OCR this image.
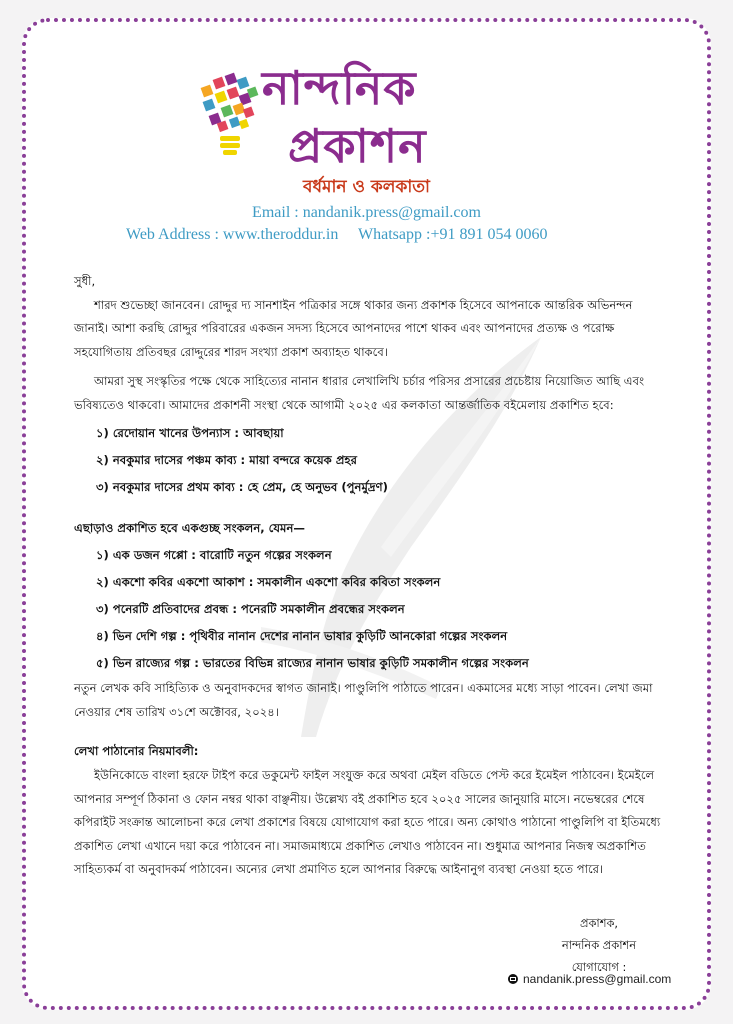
নান্দনিক
প্রকাশন
বর্ধমান ও কলকাতা
Email : nandanik.press@gmail.com
Web Address : www.theroddur.in     Whatsapp :+91 891 054 0060

সুধী,

শারদ শুভেচ্ছা জানবেন। রোদ্দুর দ্য সানশাইন পত্রিকার সঙ্গে থাকার জন্য প্রকাশক হিসেবে আপনাকে আন্তরিক অভিনন্দন জানাই। আশা করছি রোদ্দুর পরিবারের একজন সদস্য হিসেবে আপনাদের পাশে থাকব এবং আপনাদের প্রত্যক্ষ ও পরোক্ষ সহযোগিতায় প্রতিবছর রোদ্দুরের শারদ সংখ্যা প্রকাশ অব্যাহত থাকবে।

আমরা সুস্থ সংস্কৃতির পক্ষে থেকে সাহিত্যের নানান ধারার লেখালিখি চর্চার পরিসর প্রসারের প্রচেষ্টায় নিয়োজিত আছি এবং ভবিষ্যতেও থাকবো। আমাদের প্রকাশনী সংস্থা থেকে আগামী ২০২৫ এর কলকাতা আন্তর্জাতিক বইমেলায় প্রকাশিত হবে:

১) রেদোয়ান খানের উপন্যাস : আবছায়া
২) নবকুমার দাসের পঞ্চম কাব্য : মায়া বন্দরে কয়েক প্রহর
৩) নবকুমার দাসের প্রথম কাব্য : হে প্রেম, হে অনুভব (পুনর্মুদ্রণ)

এছাড়াও প্রকাশিত হবে একগুচ্ছ সংকলন, যেমন—

১) এক ডজন গপ্পো : বারোটি নতুন গল্পের সংকলন
২) একশো কবির একশো আকাশ : সমকালীন একশো কবির কবিতা সংকলন
৩) পনেরটি প্রতিবাদের প্রবন্ধ : পনেরটি সমকালীন প্রবন্ধের সংকলন
৪) ভিন দেশি গল্প : পৃথিবীর নানান দেশের নানান ভাষার কুড়িটি আনকোরা গল্পের সংকলন
৫) ভিন রাজ্যের গল্প : ভারতের বিভিন্ন রাজ্যের নানান ভাষার কুড়িটি সমকালীন গল্পের সংকলন

নতুন লেখক কবি সাহিত্যিক ও অনুবাদকদের স্বাগত জানাই। পাণ্ডুলিপি পাঠাতে পারেন। একমাসের মধ্যে সাড়া পাবেন। লেখা জমা নেওয়ার শেষ তারিখ ৩১শে অক্টোবর, ২০২৪।

লেখা পাঠানোর নিয়মাবলী:

ইউনিকোডে বাংলা হরফে টাইপ করে ডকুমেন্ট ফাইল সংযুক্ত করে অথবা মেইল বডিতে পেস্ট করে ইমেইল পাঠাবেন। ইমেইলে আপনার সম্পূর্ণ ঠিকানা ও ফোন নম্বর থাকা বাঞ্ছনীয়। উল্লেখ্য বই প্রকাশিত হবে ২০২৫ সালের জানুয়ারি মাসে। নভেম্বরের শেষে কপিরাইট সংক্রান্ত আলোচনা করে লেখা প্রকাশের বিষয়ে যোগাযোগ করা হতে পারে। অন্য কোথাও পাঠানো পাণ্ডুলিপি বা ইতিমধ্যে প্রকাশিত লেখা এখানে দয়া করে পাঠাবেন না। সমাজমাধ্যমে প্রকাশিত লেখাও পাঠাবেন না। শুধুমাত্র আপনার নিজস্ব অপ্রকাশিত সাহিত্যকর্ম বা অনুবাদকর্ম পাঠাবেন। অন্যের লেখা প্রমাণিত হলে আপনার বিরুদ্ধে আইনানুগ ব্যবস্থা নেওয়া হতে পারে।

প্রকাশক,
নান্দনিক প্রকাশন
যোগাযোগ :
nandanik.press@gmail.com
